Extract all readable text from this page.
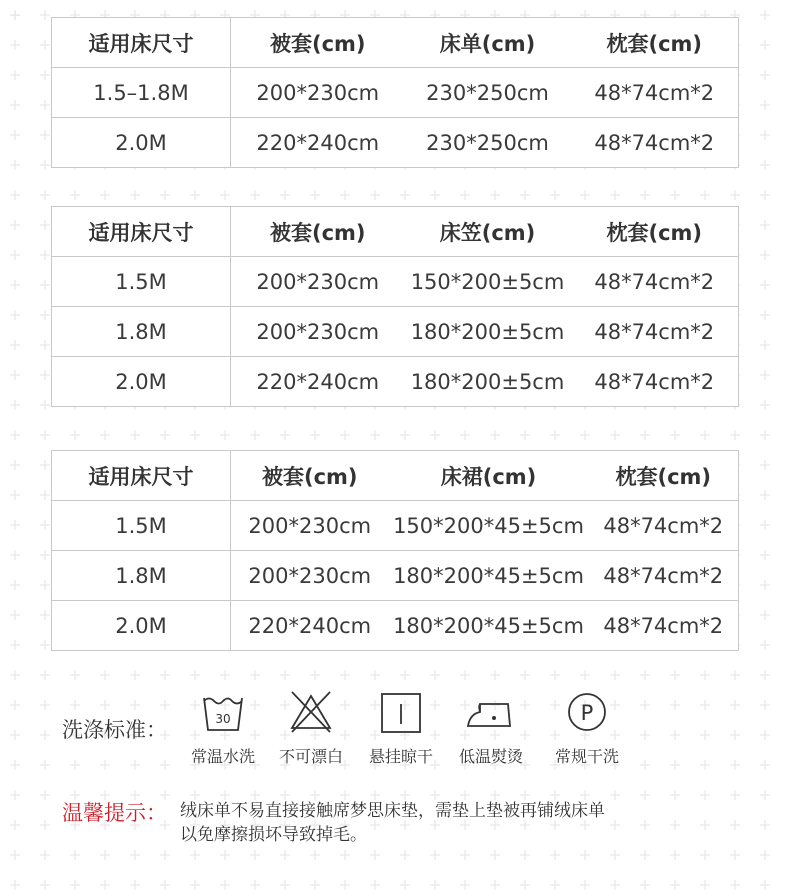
适用床尺寸	被套(cm)	床单(cm)	枕套(cm)
1.5–1.8M	200*230cm	230*250cm	48*74cm*2
2.0M	220*240cm	230*250cm	48*74cm*2
适用床尺寸	被套(cm)	床笠(cm)	枕套(cm)
1.5M	200*230cm	150*200±5cm	48*74cm*2
1.8M	200*230cm	180*200±5cm	48*74cm*2
2.0M	220*240cm	180*200±5cm	48*74cm*2
适用床尺寸	被套(cm)	床裙(cm)	枕套(cm)
1.5M	200*230cm	150*200*45±5cm	48*74cm*2
1.8M	200*230cm	180*200*45±5cm	48*74cm*2
2.0M	220*240cm	180*200*45±5cm	48*74cm*2
洗涤标准：	30
常温水洗	不可漂白	悬挂晾干	低温熨烫
P
常规干洗
温馨提示： 绒床单不易直接接触席梦思床垫，需垫上垫被再铺绒床单
以免摩擦损坏导致掉毛。
